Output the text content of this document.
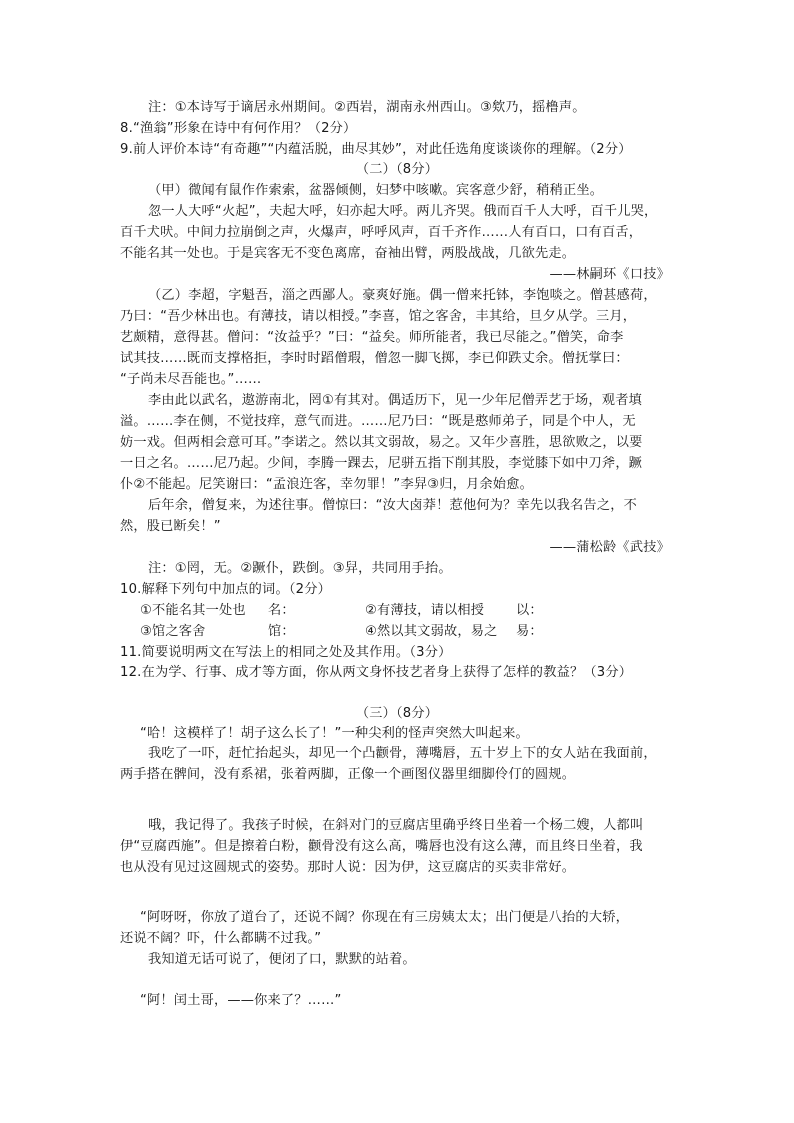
注：①本诗写于谪居永州期间。②西岩，湖南永州西山。③欸乃，摇橹声。
8.“渔翁”形象在诗中有何作用？（2分）
9.前人评价本诗“有奇趣”“内蕴活脱，曲尽其妙”，对此任选角度谈谈你的理解。（2分）
（二）（8分）
（甲）微闻有鼠作作索索，盆器倾侧，妇梦中咳嗽。宾客意少舒，稍稍正坐。
忽一人大呼“火起”，夫起大呼，妇亦起大呼。两儿齐哭。俄而百千人大呼，百千儿哭，
百千犬吠。中间力拉崩倒之声，火爆声，呼呼风声，百千齐作……人有百口，口有百舌，
不能名其一处也。于是宾客无不变色离席，奋袖出臂，两股战战，几欲先走。
——林嗣环《口技》
（乙）李超，字魁吾，淄之西鄙人。豪爽好施。偶一僧来托钵，李饱啖之。僧甚感荷，
乃曰：“吾少林出也。有薄技，请以相授。”李喜，馆之客舍，丰其给，旦夕从学。三月，
艺颇精，意得甚。僧问：“汝益乎？”曰：“益矣。师所能者，我已尽能之。”僧笑，命李
试其技……既而支撑格拒，李时时蹈僧瑕，僧忽一脚飞掷，李已仰跌丈余。僧抚掌曰：
“子尚未尽吾能也。”……
李由此以武名，遨游南北，罔①有其对。偶适历下，见一少年尼僧弄艺于场，观者填
溢。……李在侧，不觉技痒，意气而进。……尼乃曰：“既是憨师弟子，同是个中人，无
妨一戏。但两相会意可耳。”李诺之。然以其文弱故，易之。又年少喜胜，思欲败之，以要
一日之名。……尼乃起。少间，李腾一踝去，尼骈五指下削其股，李觉膝下如中刀斧，蹶
仆②不能起。尼笑谢曰：“孟浪迕客，幸勿罪！”李舁③归，月余始愈。
后年余，僧复来，为述往事。僧惊曰：“汝大卤莽！惹他何为？幸先以我名告之，不
然，股已断矣！”
——蒲松龄《武技》
注：①罔，无。②蹶仆，跌倒。③舁，共同用手抬。
10.解释下列句中加点的词。（2分）
①不能名其一处也 名：	②有薄技，请以相授 以：
③馆之客舍	馆：	④然以其文弱故，易之 易：
11.简要说明两文在写法上的相同之处及其作用。（3分）
12.在为学、行事、成才等方面，你从两文身怀技艺者身上获得了怎样的教益？（3分）
（三）（8分）
“哈！这模样了！胡子这么长了！”一种尖利的怪声突然大叫起来。
我吃了一吓，赶忙抬起头，却见一个凸颧骨，薄嘴唇，五十岁上下的女人站在我面前，
两手搭在髀间，没有系裙，张着两脚，正像一个画图仪器里细脚伶仃的圆规。
哦，我记得了。我孩子时候，在斜对门的豆腐店里确乎终日坐着一个杨二嫂，人都叫
伊“豆腐西施”。但是擦着白粉，颧骨没有这么高，嘴唇也没有这么薄，而且终日坐着，我
也从没有见过这圆规式的姿势。那时人说：因为伊，这豆腐店的买卖非常好。
“阿呀呀，你放了道台了，还说不阔？你现在有三房姨太太；出门便是八抬的大轿，
还说不阔？吓，什么都瞒不过我。”
我知道无话可说了，便闭了口，默默的站着。
“阿！闰土哥，——你来了？……”
